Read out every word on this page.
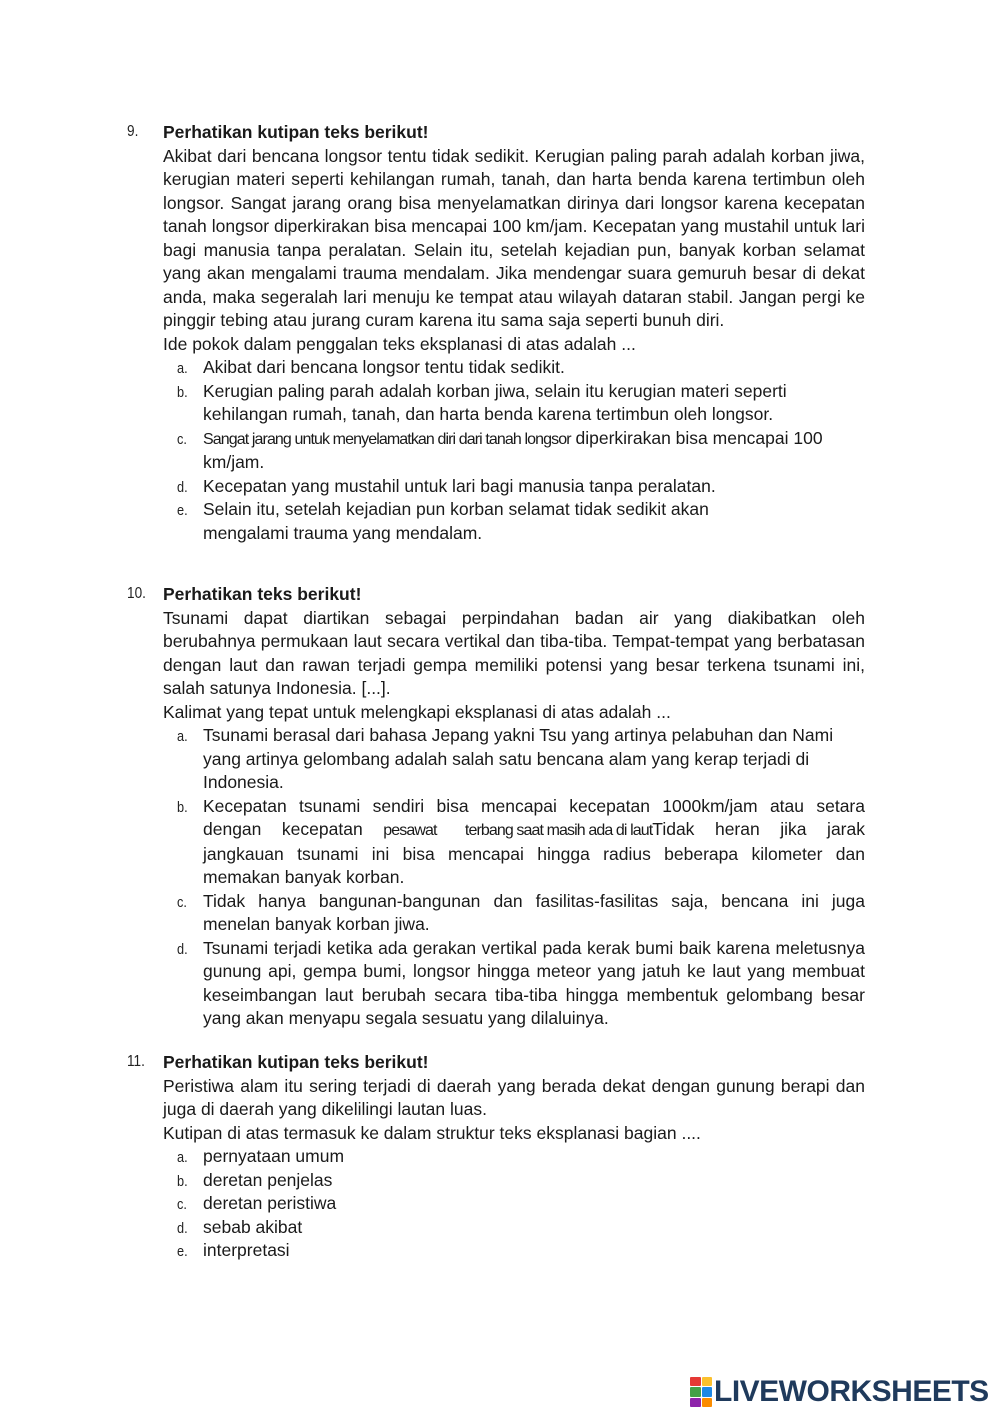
9. Perhatikan kutipan teks berikut!
Akibat dari bencana longsor tentu tidak sedikit. Kerugian paling parah adalah korban jiwa, kerugian materi seperti kehilangan rumah, tanah, dan harta benda karena tertimbun oleh longsor. Sangat jarang orang bisa menyelamatkan dirinya dari longsor karena kecepatan tanah longsor diperkirakan bisa mencapai 100 km/jam. Kecepatan yang mustahil untuk lari bagi manusia tanpa peralatan. Selain itu, setelah kejadian pun, banyak korban selamat yang akan mengalami trauma mendalam. Jika mendengar suara gemuruh besar di dekat anda, maka segeralah lari menuju ke tempat atau wilayah dataran stabil. Jangan pergi ke pinggir tebing atau jurang curam karena itu sama saja seperti bunuh diri.
Ide pokok dalam penggalan teks eksplanasi di atas adalah ...
a. Akibat dari bencana longsor tentu tidak sedikit.
b. Kerugian paling parah adalah korban jiwa, selain itu kerugian materi seperti kehilangan rumah, tanah, dan harta benda karena tertimbun oleh longsor.
c. Sangat jarang untuk menyelamatkan diri dari tanah longsor diperkirakan bisa mencapai 100 km/jam.
d. Kecepatan yang mustahil untuk lari bagi manusia tanpa peralatan.
e. Selain itu, setelah kejadian pun korban selamat tidak sedikit akan mengalami trauma yang mendalam.
10. Perhatikan teks berikut!
Tsunami dapat diartikan sebagai perpindahan badan air yang diakibatkan oleh berubahnya permukaan laut secara vertikal dan tiba-tiba. Tempat-tempat yang berbatasan dengan laut dan rawan terjadi gempa memiliki potensi yang besar terkena tsunami ini, salah satunya Indonesia. [...].
Kalimat yang tepat untuk melengkapi eksplanasi di atas adalah ...
a. Tsunami berasal dari bahasa Jepang yakni Tsu yang artinya pelabuhan dan Nami yang artinya gelombang adalah salah satu bencana alam yang kerap terjadi di Indonesia.
b. Kecepatan tsunami sendiri bisa mencapai kecepatan 1000km/jam atau setara dengan kecepatan pesawat        terbang saat masih ada di lautTidak heran jika jarak jangkauan tsunami ini bisa mencapai hingga radius beberapa kilometer dan memakan banyak korban.
c. Tidak hanya bangunan-bangunan dan fasilitas-fasilitas saja, bencana ini juga menelan banyak korban jiwa.
d. Tsunami terjadi ketika ada gerakan vertikal pada kerak bumi baik karena meletusnya gunung api, gempa bumi, longsor hingga meteor yang jatuh ke laut yang membuat keseimbangan laut berubah secara tiba-tiba hingga membentuk gelombang besar yang akan menyapu segala sesuatu yang dilaluinya.
11. Perhatikan kutipan teks berikut!
Peristiwa alam itu sering terjadi di daerah yang berada dekat dengan gunung berapi dan juga di daerah yang dikelilingi lautan luas.
Kutipan di atas termasuk ke dalam struktur teks eksplanasi bagian ....
a. pernyataan umum
b. deretan penjelas
c. deretan peristiwa
d. sebab akibat
e. interpretasi
LIVEWORKSHEETS
